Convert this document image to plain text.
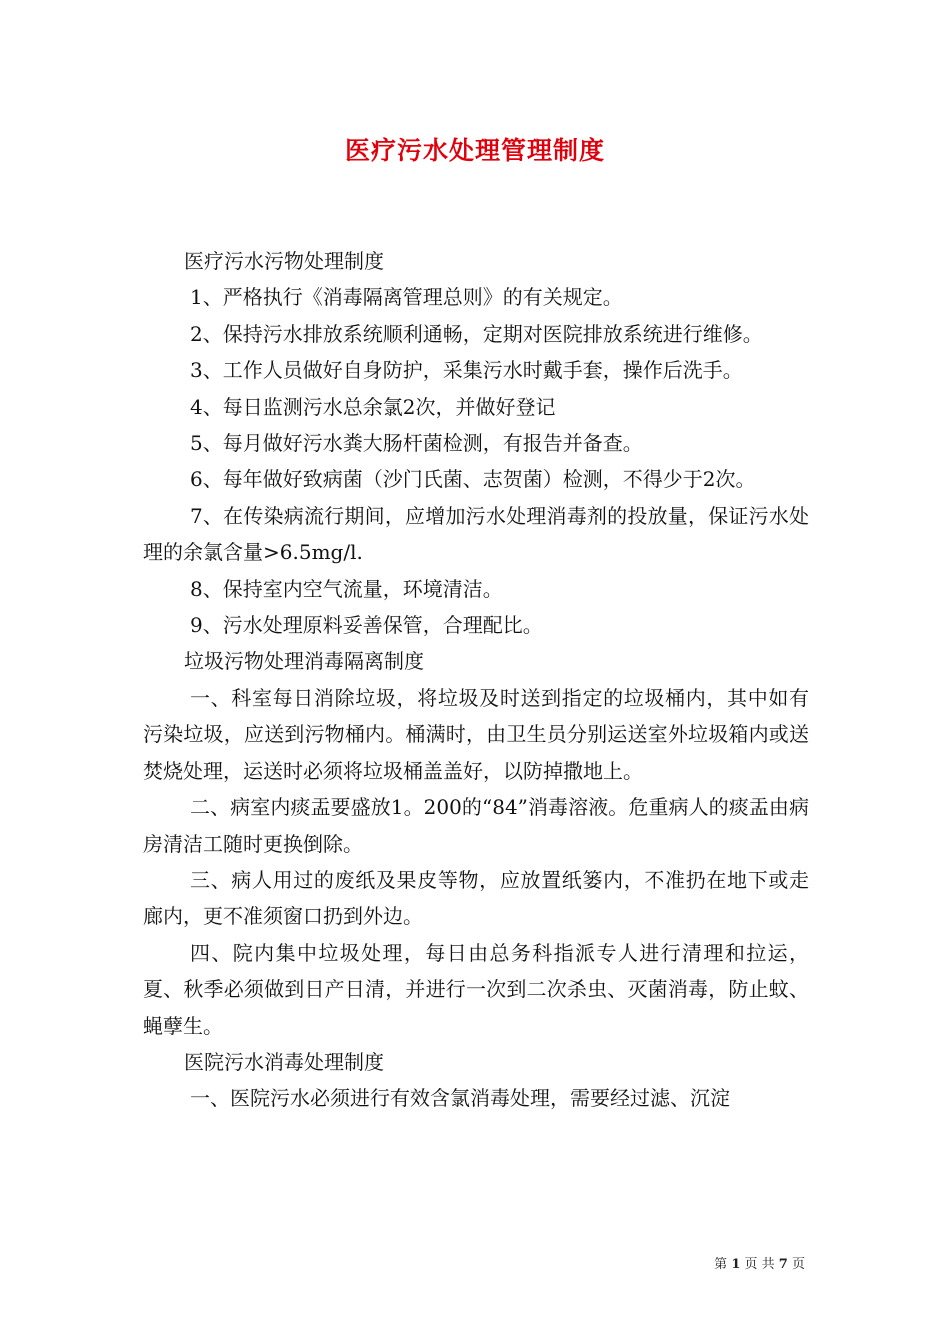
医疗污水处理管理制度

医疗污水污物处理制度

1、严格执行《消毒隔离管理总则》的有关规定。

2、保持污水排放系统顺利通畅，定期对医院排放系统进行维修。

3、工作人员做好自身防护，采集污水时戴手套，操作后洗手。

4、每日监测污水总余氯2次，并做好登记

5、每月做好污水粪大肠杆菌检测，有报告并备查。

6、每年做好致病菌（沙门氏菌、志贺菌）检测，不得少于2次。

7、在传染病流行期间，应增加污水处理消毒剂的投放量，保证污水处理的余氯含量>6.5mg/l.

8、保持室内空气流量，环境清洁。

9、污水处理原料妥善保管，合理配比。

垃圾污物处理消毒隔离制度

一、科室每日消除垃圾，将垃圾及时送到指定的垃圾桶内，其中如有污染垃圾，应送到污物桶内。桶满时，由卫生员分别运送室外垃圾箱内或送焚烧处理，运送时必须将垃圾桶盖盖好，以防掉撒地上。

二、病室内痰盂要盛放1。200的“84”消毒溶液。危重病人的痰盂由病房清洁工随时更换倒除。

三、病人用过的废纸及果皮等物，应放置纸篓内，不准扔在地下或走廊内，更不准须窗口扔到外边。

四、院内集中垃圾处理，每日由总务科指派专人进行清理和拉运，夏、秋季必须做到日产日清，并进行一次到二次杀虫、灭菌消毒，防止蚊、蝇孽生。

医院污水消毒处理制度

一、医院污水必须进行有效含氯消毒处理，需要经过滤、沉淀

第 1 页 共 7 页
